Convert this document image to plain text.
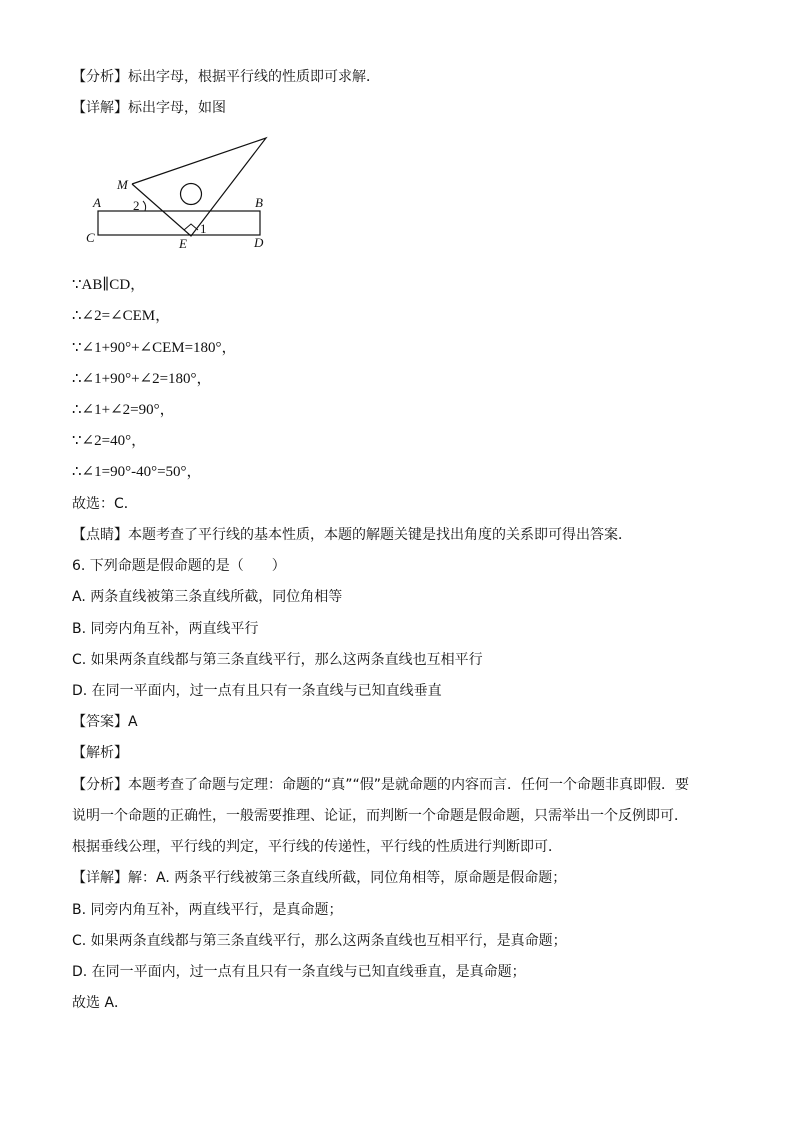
【分析】标出字母，根据平行线的性质即可求解．
【详解】标出字母，如图
M
A	B
C	D
E
1
2
∵AB∥CD，
∴∠2=∠CEM，
∵∠1+90°+∠CEM=180°，
∴∠1+90°+∠2=180°，
∴∠1+∠2=90°，
∵∠2=40°，
∴∠1=90°-40°=50°，
故选：C．
【点睛】本题考查了平行线的基本性质，本题的解题关键是找出角度的关系即可得出答案．
6. 下列命题是假命题的是（　　）
A. 两条直线被第三条直线所截，同位角相等
B. 同旁内角互补，两直线平行
C. 如果两条直线都与第三条直线平行，那么这两条直线也互相平行
D. 在同一平面内，过一点有且只有一条直线与已知直线垂直
【答案】A
【解析】
【分析】本题考查了命题与定理：命题的“真”“假”是就命题的内容而言．任何一个命题非真即假．要
说明一个命题的正确性，一般需要推理、论证，而判断一个命题是假命题，只需举出一个反例即可．
根据垂线公理，平行线的判定，平行线的传递性，平行线的性质进行判断即可．
【详解】解：A. 两条平行线被第三条直线所截，同位角相等，原命题是假命题；
B. 同旁内角互补，两直线平行，是真命题；
C. 如果两条直线都与第三条直线平行，那么这两条直线也互相平行，是真命题；
D. 在同一平面内，过一点有且只有一条直线与已知直线垂直，是真命题；
故选 A．
